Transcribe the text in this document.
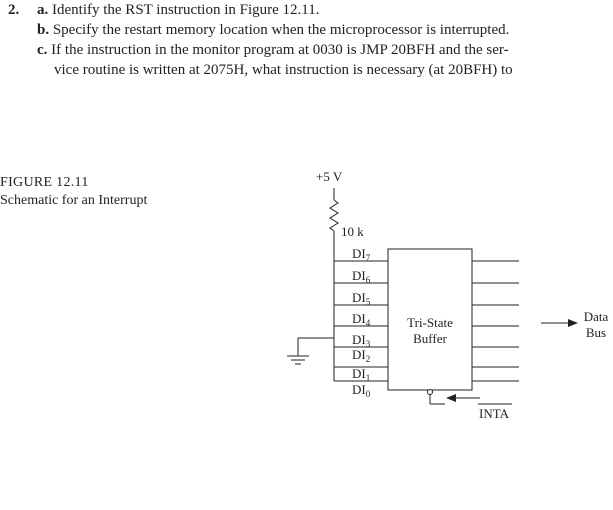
2. a. Identify the RST instruction in Figure 12.11.
b. Specify the restart memory location when the microprocessor is interrupted.
c. If the instruction in the monitor program at 0030 is JMP 20BFH and the ser-
vice routine is written at 2075H, what instruction is necessary (at 20BFH) to
FIGURE 12.11
Schematic for an Interrupt
+5 V
10 k
Tri-State
Buffer
Data
Bus
INTA
$DI_7$
$DI_6$
$DI_5$
$DI_4$
$DI_3$
$DI_2$
$DI_1$
$DI_0$
